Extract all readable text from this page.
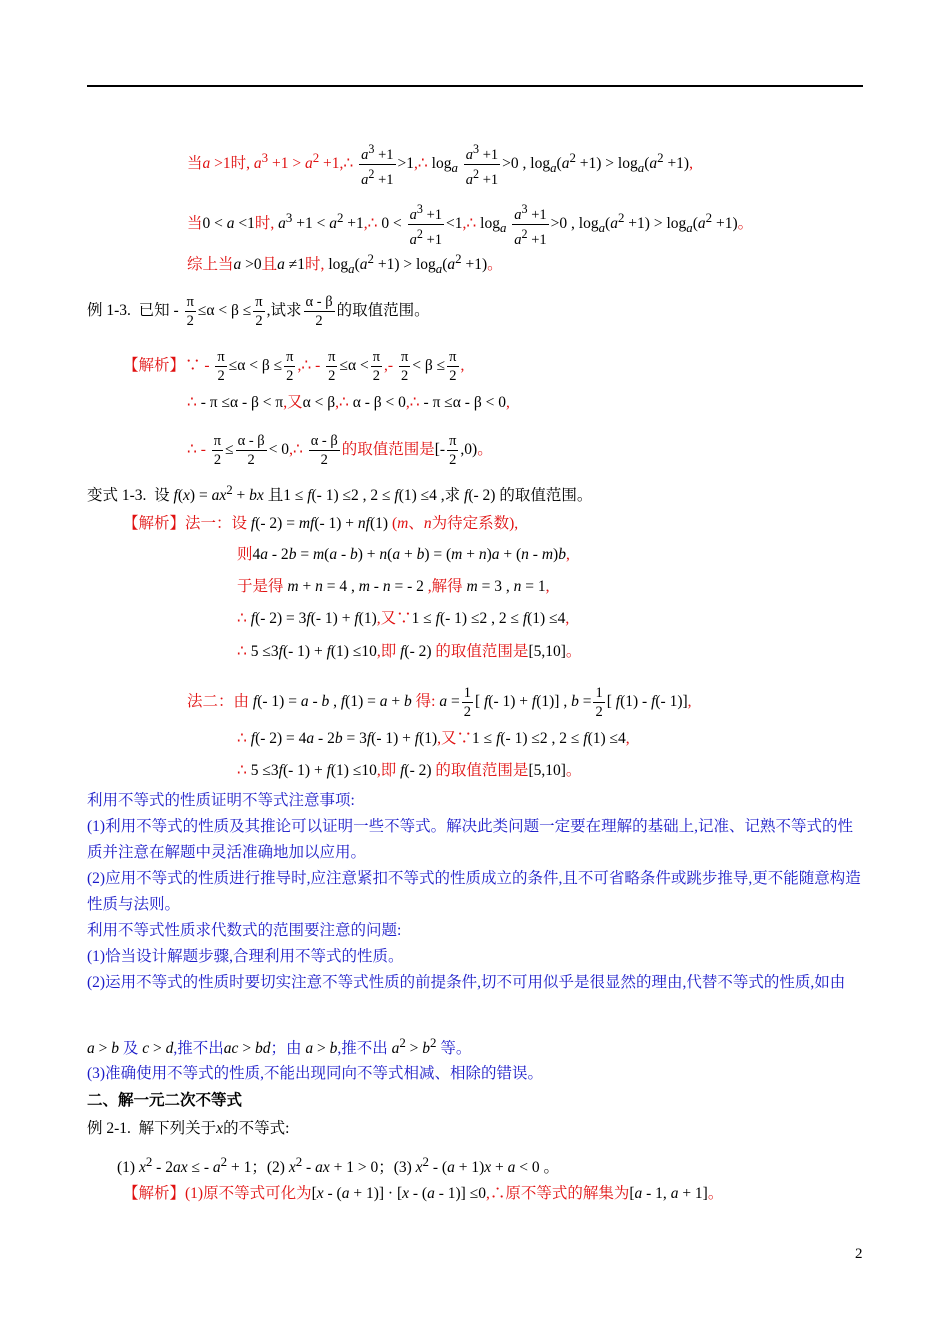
当a >1时, $a^3 +1 > a^2$ +1,∴ $\frac{a^3 +1}{a^2 +1}$ >1,∴ $\log_a \frac{a^3 +1}{a^2 +1} >0$ , $\log_a(a^2 +1) > \log_a(a^2 +1)$,
当0 < a <1时, $a^3 +1 < a^2$ +1,∴ $0 < \frac{a^3 +1}{a^2 +1}$ <1,∴ $\log_a \frac{a^3 +1}{a^2 +1} >0$ , $\log_a(a^2 +1) > \log_a(a^2 +1)$。
综上当a >0且a ≠1时, $\log_a(a^2 +1) > \log_a(a^2 +1)$。
例 1-3.  已知 - $\frac{\pi}{2} \le\alpha < \beta \le \frac{\pi}{2}$ ,试求 $\frac{\alpha - \beta}{2}$ 的取值范围。
【解析】∵ - $\frac{\pi}{2} \le\alpha < \beta \le \frac{\pi}{2}$ ,∴ - $\frac{\pi}{2} \le\alpha < \frac{\pi}{2}$ ,- $\frac{\pi}{2} < \beta \le \frac{\pi}{2}$ ,
∴ - π ≤α - β < π,又α < β,∴ α - β < 0,∴ - π ≤α - β < 0,
∴ - $\frac{\pi}{2} \le \frac{\alpha - \beta}{2}$ < 0,∴ $\frac{\alpha - \beta}{2}$ 的取值范围是[- $\frac{\pi}{2} ,0$)。
变式 1-3.  设 $f(x) = ax^2$ + bx 且1 ≤ f(- 1) ≤2 , 2 ≤ f(1) ≤4 ,求 f(- 2) 的取值范围。
【解析】法一：设 f(- 2) = mf(- 1) + nf(1) (m、n为待定系数),
则4a - 2b = m(a - b) + n(a + b) = (m + n)a + (n - m)b,
于是得 m + n = 4 , m - n = - 2 ,解得 m = 3 , n = 1,
∴ f(- 2) = 3f(- 1) + f(1),又∵1 ≤ f(- 1) ≤2 , 2 ≤ f(1) ≤4,
∴ 5 ≤3f(- 1) + f(1) ≤10,即 f(- 2) 的取值范围是[5,10]。
法二：由 f(- 1) = a - b , f(1) = a + b 得: $a = \frac{1}{2}$ [ f(- 1) + f(1)] , $b = \frac{1}{2}$ [ f(1) - f(- 1)],
∴ f(- 2) = 4a - 2b = 3f(- 1) + f(1),又∵1 ≤ f(- 1) ≤2 , 2 ≤ f(1) ≤4,
∴ 5 ≤3f(- 1) + f(1) ≤10,即 f(- 2) 的取值范围是[5,10]。
利用不等式的性质证明不等式注意事项:
(1)利用不等式的性质及其推论可以证明一些不等式。解决此类问题一定要在理解的基础上,记准、记熟不等式的性质并注意在解题中灵活准确地加以应用。
(2)应用不等式的性质进行推导时,应注意紧扣不等式的性质成立的条件,且不可省略条件或跳步推导,更不能随意构造性质与法则。
利用不等式性质求代数式的范围要注意的问题:
(1)恰当设计解题步骤,合理利用不等式的性质。
(2)运用不等式的性质时要切实注意不等式性质的前提条件,切不可用似乎是很显然的理由,代替不等式的性质,如由
a > b 及 c > d,推不出ac > bd；由 a > b,推不出 $a^2 > b^2$ 等。
(3)准确使用不等式的性质,不能出现同向不等式相减、相除的错误。
二、解一元二次不等式
例 2-1.  解下列关于x的不等式:
(1) $x^2 - 2ax$ ≤ - $a^2 + 1$；(2) $x^2$ - ax + 1 > 0；(3) $x^2 - (a + 1)x + a < 0$ 。
【解析】(1)原不等式可化为[x - (a + 1)] · [x - (a - 1)] ≤0,∴原不等式的解集为[a - 1, a + 1]。
2
